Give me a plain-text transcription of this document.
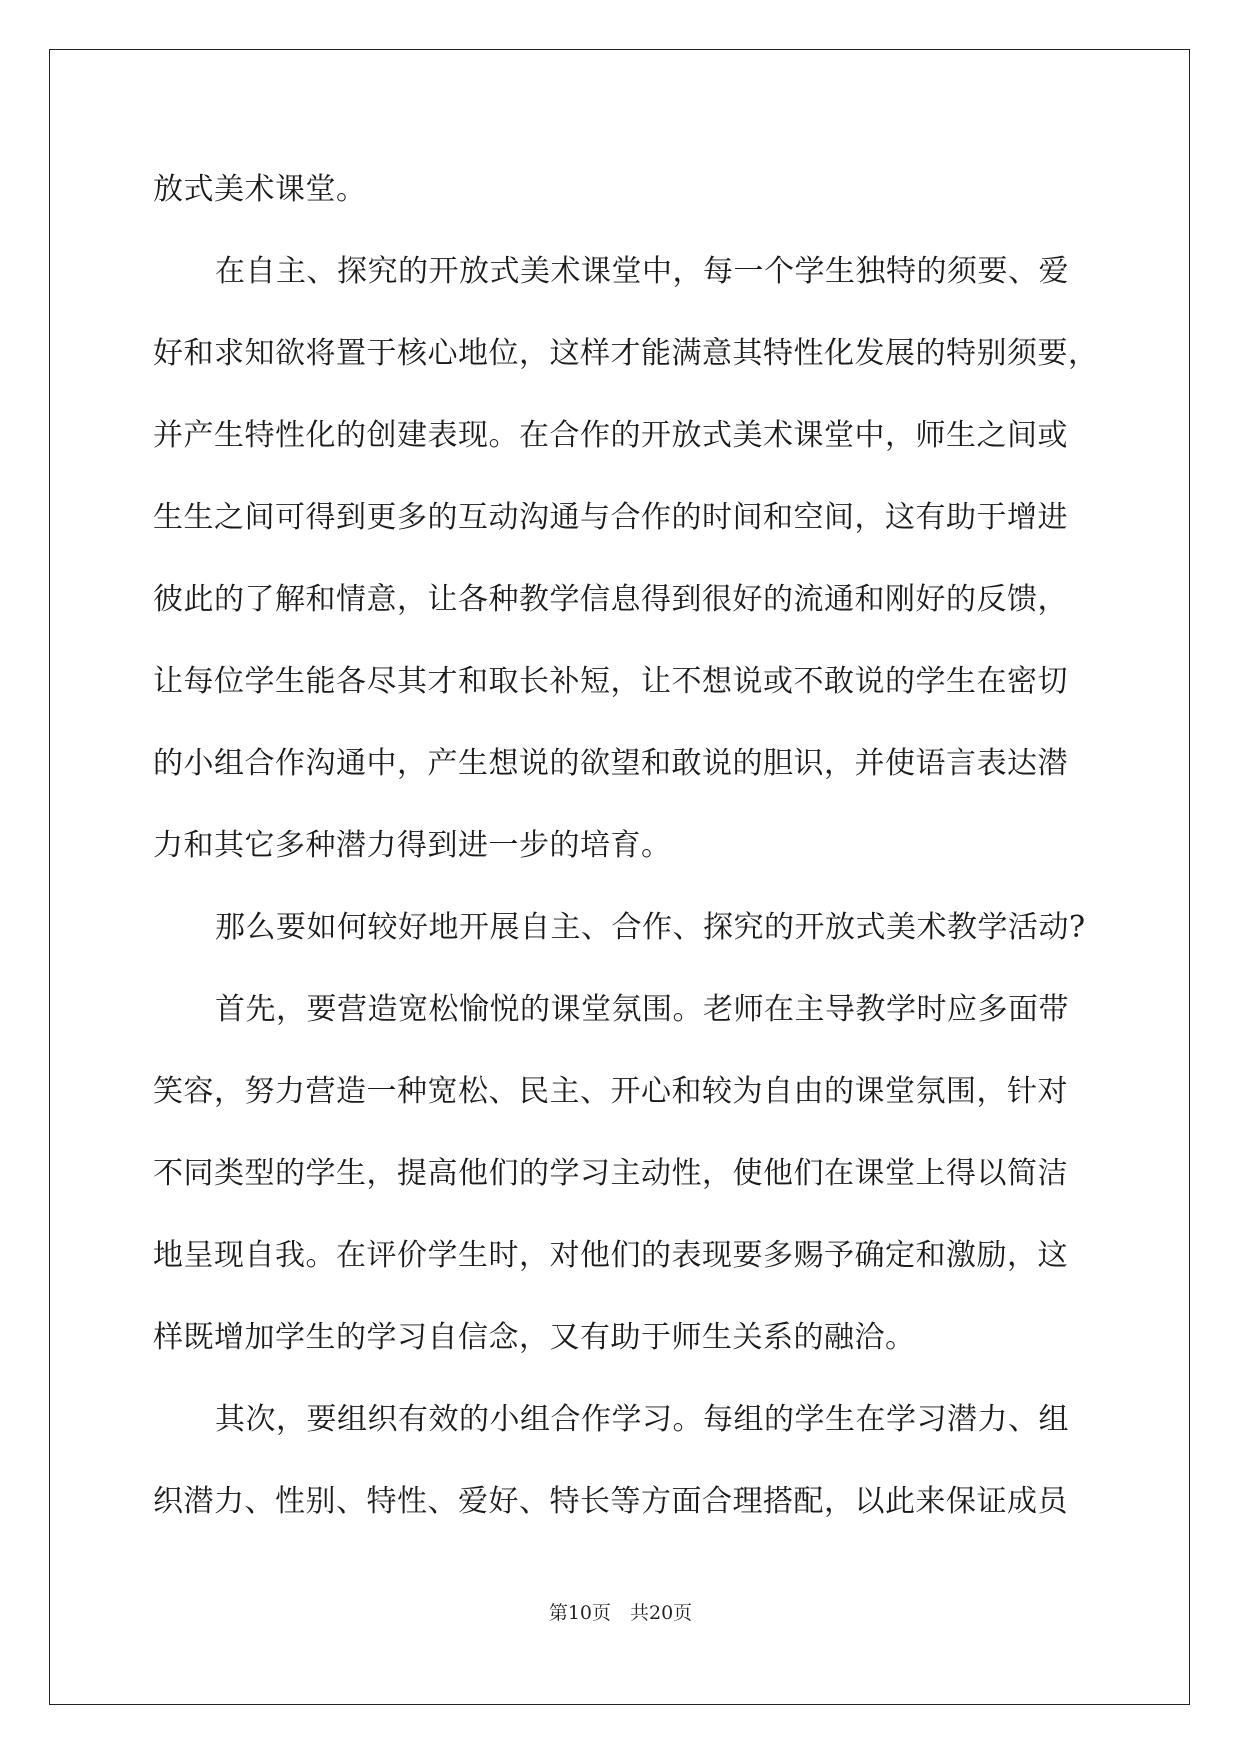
放式美术课堂。
在自主、探究的开放式美术课堂中，每一个学生独特的须要、爱
好和求知欲将置于核心地位，这样才能满意其特性化发展的特别须要，
并产生特性化的创建表现。在合作的开放式美术课堂中，师生之间或
生生之间可得到更多的互动沟通与合作的时间和空间，这有助于增进
彼此的了解和情意，让各种教学信息得到很好的流通和刚好的反馈，
让每位学生能各尽其才和取长补短，让不想说或不敢说的学生在密切
的小组合作沟通中，产生想说的欲望和敢说的胆识，并使语言表达潜
力和其它多种潜力得到进一步的培育。
那么要如何较好地开展自主、合作、探究的开放式美术教学活动?
首先，要营造宽松愉悦的课堂氛围。老师在主导教学时应多面带
笑容，努力营造一种宽松、民主、开心和较为自由的课堂氛围，针对
不同类型的学生，提高他们的学习主动性，使他们在课堂上得以简洁
地呈现自我。在评价学生时，对他们的表现要多赐予确定和激励，这
样既增加学生的学习自信念，又有助于师生关系的融洽。
其次，要组织有效的小组合作学习。每组的学生在学习潜力、组
织潜力、性别、特性、爱好、特长等方面合理搭配，以此来保证成员
第10页　共20页
